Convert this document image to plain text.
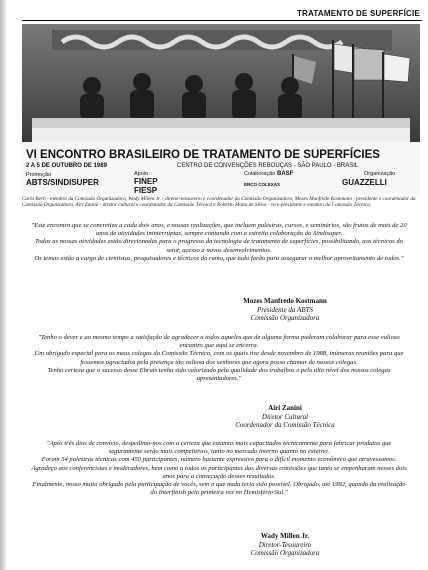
TRATAMENTO DE SUPERFÍCIE
VI ENCONTRO BRASILEIRO DE TRATAMENTO DE SUPERFÍCIES
2 A 5 DE OUTUBRO DE 1989	CENTRO DE CONVENÇÕES REBOUÇAS - SÃO PAULO - BRASIL
Promoção
ABTS/SINDISUPER
Apoio
FINEP
FIESP
Colaboração BASF
ERCO COLEXAS
Organização
GUAZZELLI
Carlo Berti - membro da Comissão Organizadora, Wady Millen Jr. - diretor-tesoureiro e coordenador da Comissão Organizadora, Moses Manfredo Kostmann - presidente e coordenador da Comissão Organizadora, Airi Zanini - diretor cultural e coordenador da Comissão Técnica e Roberto Motta de Sillos - vice-presidente e membro da Comissão Técnica.

"Este encontro que se concretiza a cada dois anos, e nossas realizações, que incluem palestras, cursos, e seminários, são frutos de mais de 20 anos de atividades ininterruptas, sempre contando com a estreita colaboração do Sindisuper.

Todas as nossas atividades estão direcionadas para o progresso da tecnologia de tratamento de superfícies, possibilitando, aos técnicos do setor, acesso a novos desenvolvimentos.

Os temas estão a cargo de cientistas, pesquisadores e técnicos do ramo, que tudo farão para assegurar o melhor aproveitamento de todos."

Mozes Manfredo Kostmann
Presidente da ABTS
Comissão Organizadora

"Tenho o dever e ao mesmo tempo a satisfação de agradecer a todos aqueles que de alguma forma puderam colaborar para esse valioso encontro que aqui se encerra.

Um obrigado especial para os meus colegas da Comissão Técnica, com os quais tive desde novembro de 1988, inúmeras reuniões para que fossemos agraciados pela presença tão valiosa dos senhores que agora posso chamar de nossos colegas.

Tenho certeza que o sucesso desse Ebrats tenha sido valorizado pela qualidade dos trabalhos e pelo alto nível dos nossos colegas apresentadores."

Airi Zanini
Diretor Cultural
Coordenador da Comissão Técnica

"Após três dias de convívio, despedimo-nos com a certeza que estamos mais capacitados tecnicamente para fabricar produtos que seguramente serão mais competitivos, tanto no mercado interno quanto no externo.

Foram 54 palestras técnicas com 450 participantes, número bastante expressivo para o difícil momento econômico que atravessamos.

Agradeço aos conferencistas e moderadores, bem como a todos os participantes das diversas comissões que tanto se empenharam nesses dois anos para a consecução desses resultados.

Finalmente, nosso muito obrigado pela participação de vocês, sem o que nada teria sido possível. Obrigado, até 1992, quando da realização do Interfinish pela primeira vez no Hemisfério Sul."

Wady Millen Jr.
Diretor-Tesoureiro
Comissão Organizadora
